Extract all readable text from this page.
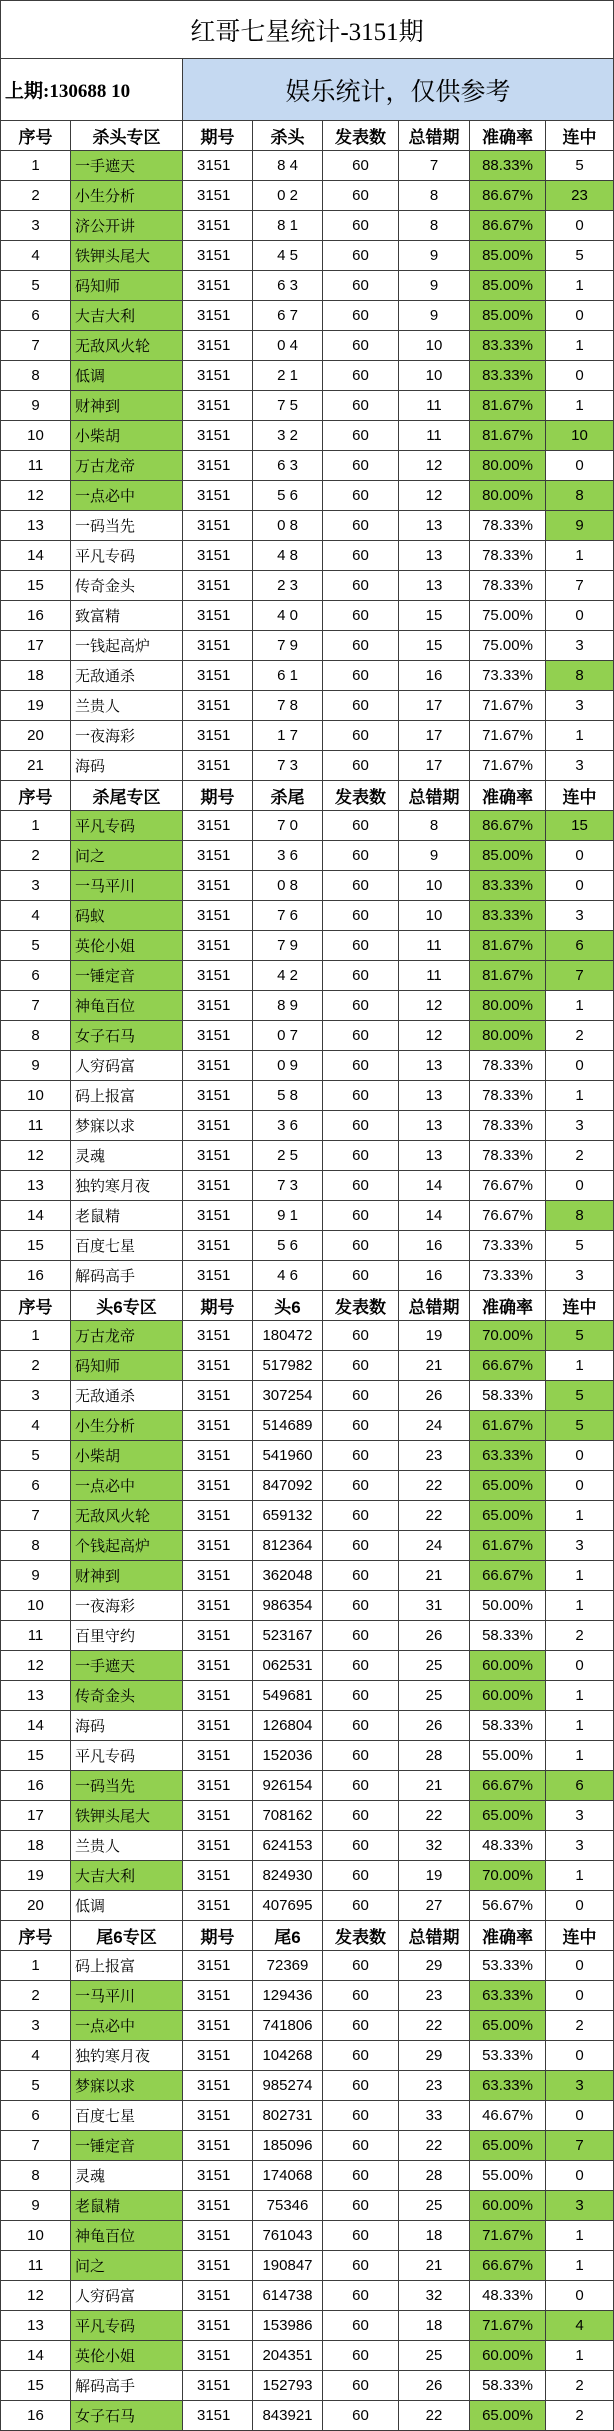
红哥七星统计-3151期
上期:130688 10	娱乐统计，仅供参考
序号	杀头专区	期号	杀头	发表数	总错期	准确率	连中
1	一手遮天	3151	8 4	60	7	88.33%	5
2	小生分析	3151	0 2	60	8	86.67%	23
3	济公开讲	3151	8 1	60	8	86.67%	0
4	铁钾头尾大	3151	4 5	60	9	85.00%	5
5	码知师	3151	6 3	60	9	85.00%	1
6	大吉大利	3151	6 7	60	9	85.00%	0
7	无敌风火轮	3151	0 4	60	10	83.33%	1
8	低调	3151	2 1	60	10	83.33%	0
9	财神到	3151	7 5	60	11	81.67%	1
10	小柴胡	3151	3 2	60	11	81.67%	10
11	万古龙帝	3151	6 3	60	12	80.00%	0
12	一点必中	3151	5 6	60	12	80.00%	8
13	一码当先	3151	0 8	60	13	78.33%	9
14	平凡专码	3151	4 8	60	13	78.33%	1
15	传奇金头	3151	2 3	60	13	78.33%	7
16	致富精	3151	4 0	60	15	75.00%	0
17	一钱起高炉	3151	7 9	60	15	75.00%	3
18	无敌通杀	3151	6 1	60	16	73.33%	8
19	兰贵人	3151	7 8	60	17	71.67%	3
20	一夜海彩	3151	1 7	60	17	71.67%	1
21	海码	3151	7 3	60	17	71.67%	3
序号	杀尾专区	期号	杀尾	发表数	总错期	准确率	连中
1	平凡专码	3151	7 0	60	8	86.67%	15
2	问之	3151	3 6	60	9	85.00%	0
3	一马平川	3151	0 8	60	10	83.33%	0
4	码蚁	3151	7 6	60	10	83.33%	3
5	英伦小姐	3151	7 9	60	11	81.67%	6
6	一锤定音	3151	4 2	60	11	81.67%	7
7	神龟百位	3151	8 9	60	12	80.00%	1
8	女子石马	3151	0 7	60	12	80.00%	2
9	人穷码富	3151	0 9	60	13	78.33%	0
10	码上报富	3151	5 8	60	13	78.33%	1
11	梦寐以求	3151	3 6	60	13	78.33%	3
12	灵魂	3151	2 5	60	13	78.33%	2
13	独钓寒月夜	3151	7 3	60	14	76.67%	0
14	老鼠精	3151	9 1	60	14	76.67%	8
15	百度七星	3151	5 6	60	16	73.33%	5
16	解码高手	3151	4 6	60	16	73.33%	3
序号	头6专区	期号	头6	发表数	总错期	准确率	连中
1	万古龙帝	3151	180472	60	19	70.00%	5
2	码知师	3151	517982	60	21	66.67%	1
3	无敌通杀	3151	307254	60	26	58.33%	5
4	小生分析	3151	514689	60	24	61.67%	5
5	小柴胡	3151	541960	60	23	63.33%	0
6	一点必中	3151	847092	60	22	65.00%	0
7	无敌风火轮	3151	659132	60	22	65.00%	1
8	个钱起高炉	3151	812364	60	24	61.67%	3
9	财神到	3151	362048	60	21	66.67%	1
10	一夜海彩	3151	986354	60	31	50.00%	1
11	百里守约	3151	523167	60	26	58.33%	2
12	一手遮天	3151	062531	60	25	60.00%	0
13	传奇金头	3151	549681	60	25	60.00%	1
14	海码	3151	126804	60	26	58.33%	1
15	平凡专码	3151	152036	60	28	55.00%	1
16	一码当先	3151	926154	60	21	66.67%	6
17	铁钾头尾大	3151	708162	60	22	65.00%	3
18	兰贵人	3151	624153	60	32	48.33%	3
19	大吉大利	3151	824930	60	19	70.00%	1
20	低调	3151	407695	60	27	56.67%	0
序号	尾6专区	期号	尾6	发表数	总错期	准确率	连中
1	码上报富	3151	72369	60	29	53.33%	0
2	一马平川	3151	129436	60	23	63.33%	0
3	一点必中	3151	741806	60	22	65.00%	2
4	独钓寒月夜	3151	104268	60	29	53.33%	0
5	梦寐以求	3151	985274	60	23	63.33%	3
6	百度七星	3151	802731	60	33	46.67%	0
7	一锤定音	3151	185096	60	22	65.00%	7
8	灵魂	3151	174068	60	28	55.00%	0
9	老鼠精	3151	75346	60	25	60.00%	3
10	神龟百位	3151	761043	60	18	71.67%	1
11	问之	3151	190847	60	21	66.67%	1
12	人穷码富	3151	614738	60	32	48.33%	0
13	平凡专码	3151	153986	60	18	71.67%	4
14	英伦小姐	3151	204351	60	25	60.00%	1
15	解码高手	3151	152793	60	26	58.33%	2
16	女子石马	3151	843921	60	22	65.00%	2
